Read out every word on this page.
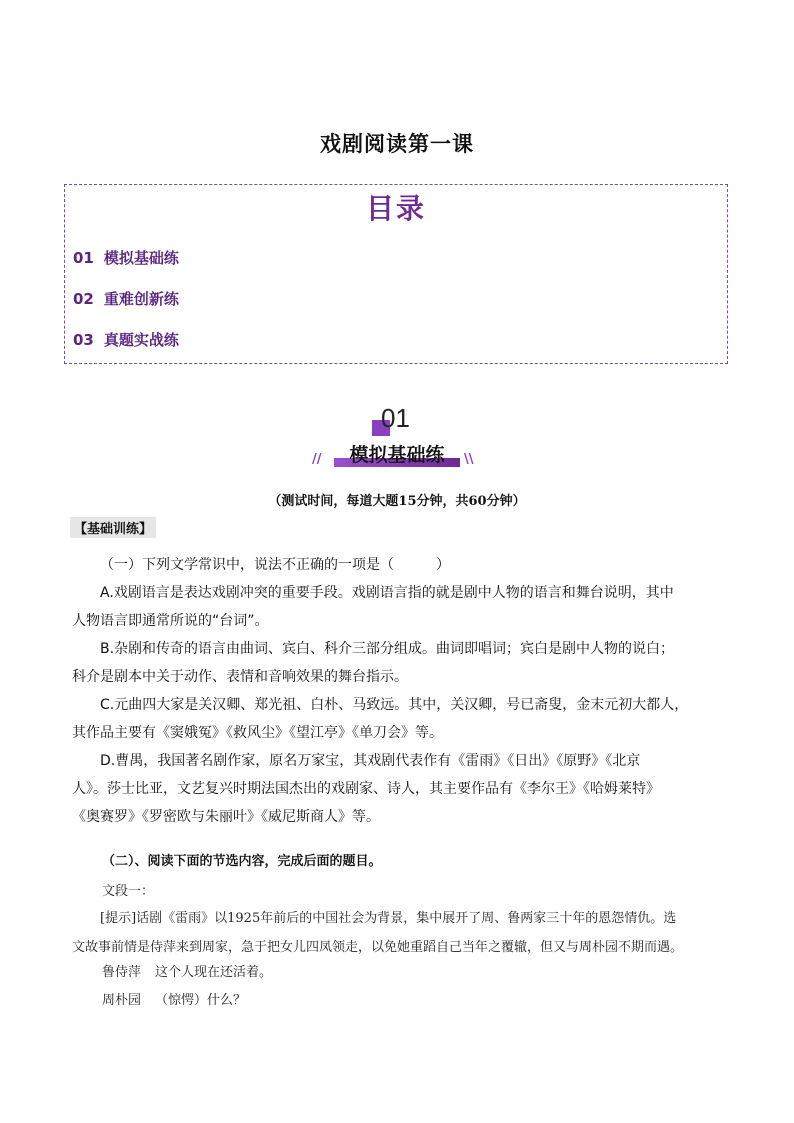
戏剧阅读第一课
目录
01 模拟基础练
02 重难创新练
03 真题实战练
01
//	模拟基础练	\\
（测试时间，每道大题15分钟，共60分钟）
【基础训练】
（一）下列文学常识中，说法不正确的一项是（　　　）
A.戏剧语言是表达戏剧冲突的重要手段。戏剧语言指的就是剧中人物的语言和舞台说明，其中
人物语言即通常所说的“台词”。
B.杂剧和传奇的语言由曲词、宾白、科介三部分组成。曲词即唱词；宾白是剧中人物的说白；
科介是剧本中关于动作、表情和音响效果的舞台指示。
C.元曲四大家是关汉卿、郑光祖、白朴、马致远。其中，关汉卿，号已斋叟，金末元初大都人，
其作品主要有《窦娥冤》《救风尘》《望江亭》《单刀会》等。
D.曹禺，我国著名剧作家，原名万家宝，其戏剧代表作有《雷雨》《日出》《原野》《北京
人》。莎士比亚，文艺复兴时期法国杰出的戏剧家、诗人，其主要作品有《李尔王》《哈姆莱特》
《奥赛罗》《罗密欧与朱丽叶》《威尼斯商人》等。
（二）、阅读下面的节选内容，完成后面的题目。
文段一：
[提示]话剧《雷雨》以1925年前后的中国社会为背景，集中展开了周、鲁两家三十年的恩怨情仇。选
文故事前情是侍萍来到周家，急于把女儿四凤领走，以免她重蹈自己当年之覆辙，但又与周朴园不期而遇。
鲁侍萍 这个人现在还活着。
周朴园 （惊愕）什么？
